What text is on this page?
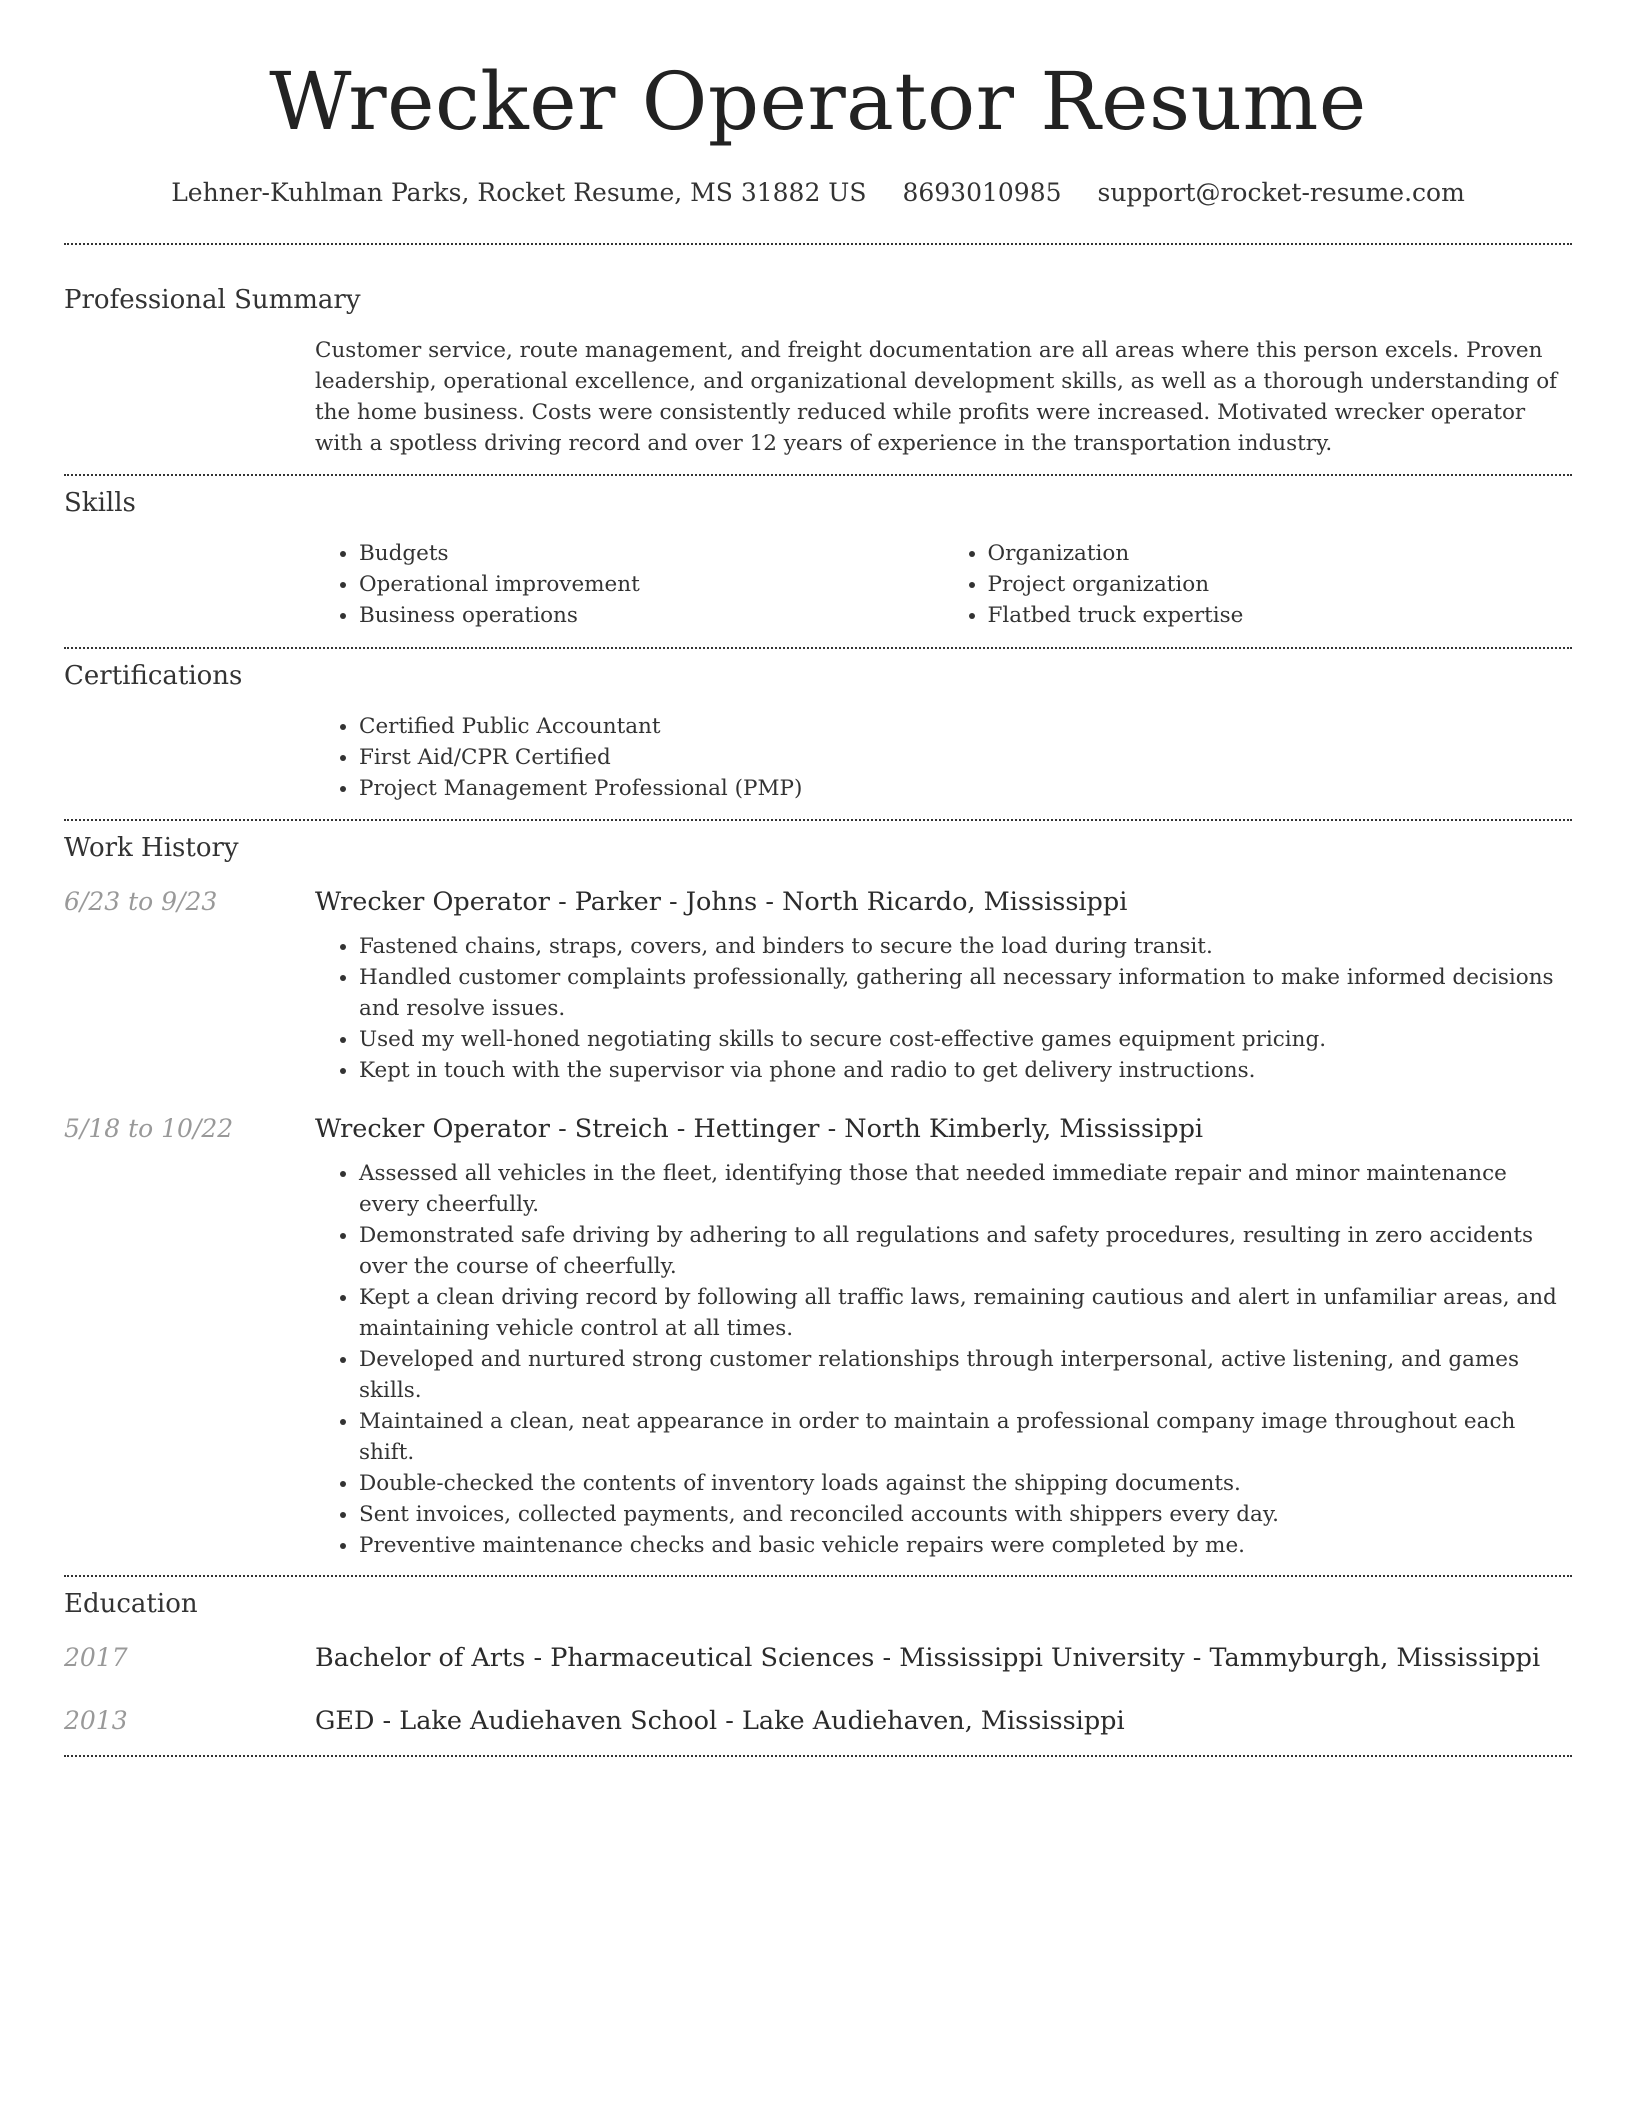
Wrecker Operator Resume
Lehner-Kuhlman Parks, Rocket Resume, MS 31882 US 8693010985 support@rocket-resume.com
Professional Summary

Customer service, route management, and freight documentation are all areas where this person excels. Proven leadership, operational excellence, and organizational development skills, as well as a thorough understanding of the home business. Costs were consistently reduced while profits were increased. Motivated wrecker operator with a spotless driving record and over 12 years of experience in the transportation industry.

Skills
• Budgets
• Operational improvement
• Business operations
• Organization
• Project organization
• Flatbed truck expertise
Certifications
• Certified Public Accountant
• First Aid/CPR Certified
• Project Management Professional (PMP)
Work History
6/23 to 9/23	Wrecker Operator - Parker - Johns - North Ricardo, Mississippi
• Fastened chains, straps, covers, and binders to secure the load during transit.
• Handled customer complaints professionally, gathering all necessary information to make informed decisions and resolve issues.
• Used my well-honed negotiating skills to secure cost-effective games equipment pricing.
• Kept in touch with the supervisor via phone and radio to get delivery instructions.
5/18 to 10/22	Wrecker Operator - Streich - Hettinger - North Kimberly, Mississippi
• Assessed all vehicles in the fleet, identifying those that needed immediate repair and minor maintenance every cheerfully.
• Demonstrated safe driving by adhering to all regulations and safety procedures, resulting in zero accidents over the course of cheerfully.
• Kept a clean driving record by following all traffic laws, remaining cautious and alert in unfamiliar areas, and maintaining vehicle control at all times.
• Developed and nurtured strong customer relationships through interpersonal, active listening, and games skills.
• Maintained a clean, neat appearance in order to maintain a professional company image throughout each shift.
• Double-checked the contents of inventory loads against the shipping documents.
• Sent invoices, collected payments, and reconciled accounts with shippers every day.
• Preventive maintenance checks and basic vehicle repairs were completed by me.
Education
2017	Bachelor of Arts - Pharmaceutical Sciences - Mississippi University - Tammyburgh, Mississippi
2013	GED - Lake Audiehaven School - Lake Audiehaven, Mississippi
